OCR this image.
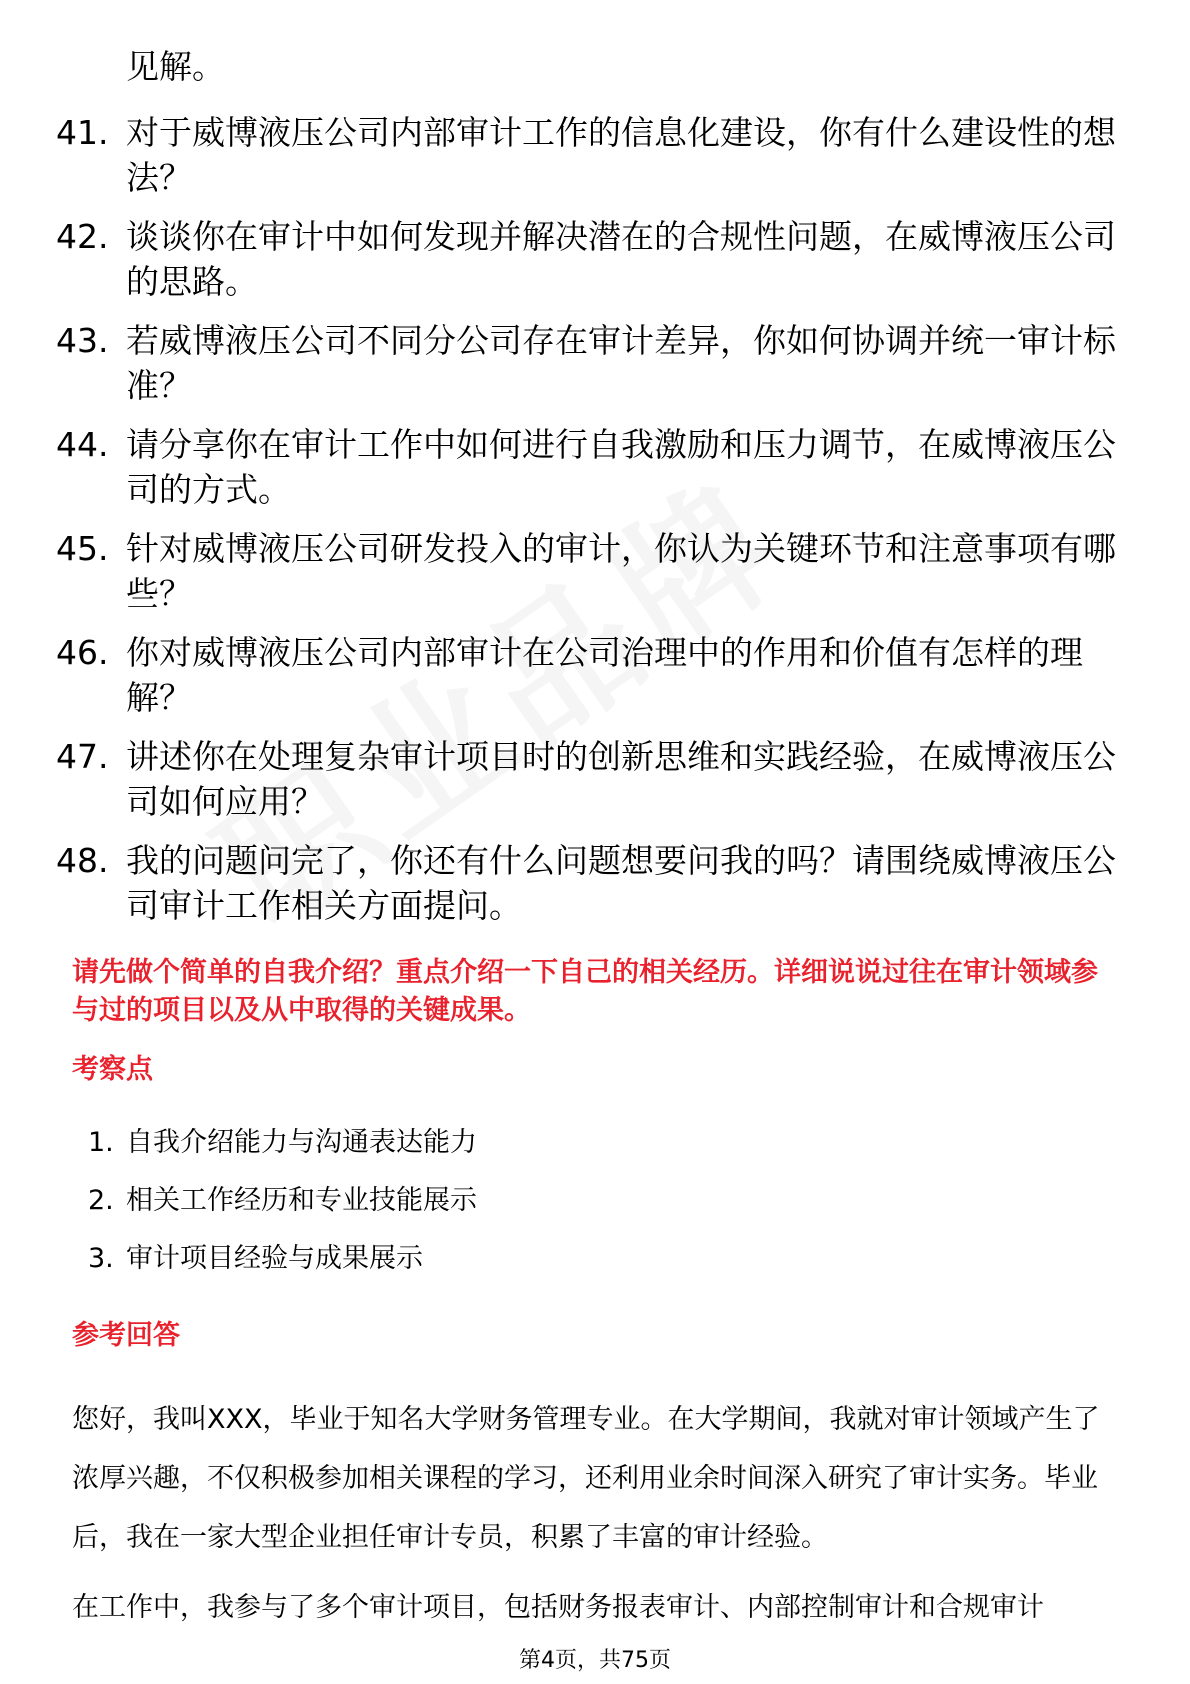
见解。

41. 对于威博液压公司内部审计工作的信息化建设，你有什么建设性的想法？

42. 谈谈你在审计中如何发现并解决潜在的合规性问题，在威博液压公司的思路。

43. 若威博液压公司不同分公司存在审计差异，你如何协调并统一审计标准？

44. 请分享你在审计工作中如何进行自我激励和压力调节，在威博液压公司的方式。

45. 针对威博液压公司研发投入的审计，你认为关键环节和注意事项有哪些？

46. 你对威博液压公司内部审计在公司治理中的作用和价值有怎样的理解？

47. 讲述你在处理复杂审计项目时的创新思维和实践经验，在威博液压公司如何应用？

48. 我的问题问完了，你还有什么问题想要问我的吗？请围绕威博液压公司审计工作相关方面提问。

请先做个简单的自我介绍？重点介绍一下自己的相关经历。详细说说过往在审计领域参与过的项目以及从中取得的关键成果。

考察点
1. 自我介绍能力与沟通表达能力
2. 相关工作经历和专业技能展示
3. 审计项目经验与成果展示
参考回答

您好，我叫XXX，毕业于知名大学财务管理专业。在大学期间，我就对审计领域产生了浓厚兴趣，不仅积极参加相关课程的学习，还利用业余时间深入研究了审计实务。毕业后，我在一家大型企业担任审计专员，积累了丰富的审计经验。

在工作中，我参与了多个审计项目，包括财务报表审计、内部控制审计和合规审计

第4页，共75页
